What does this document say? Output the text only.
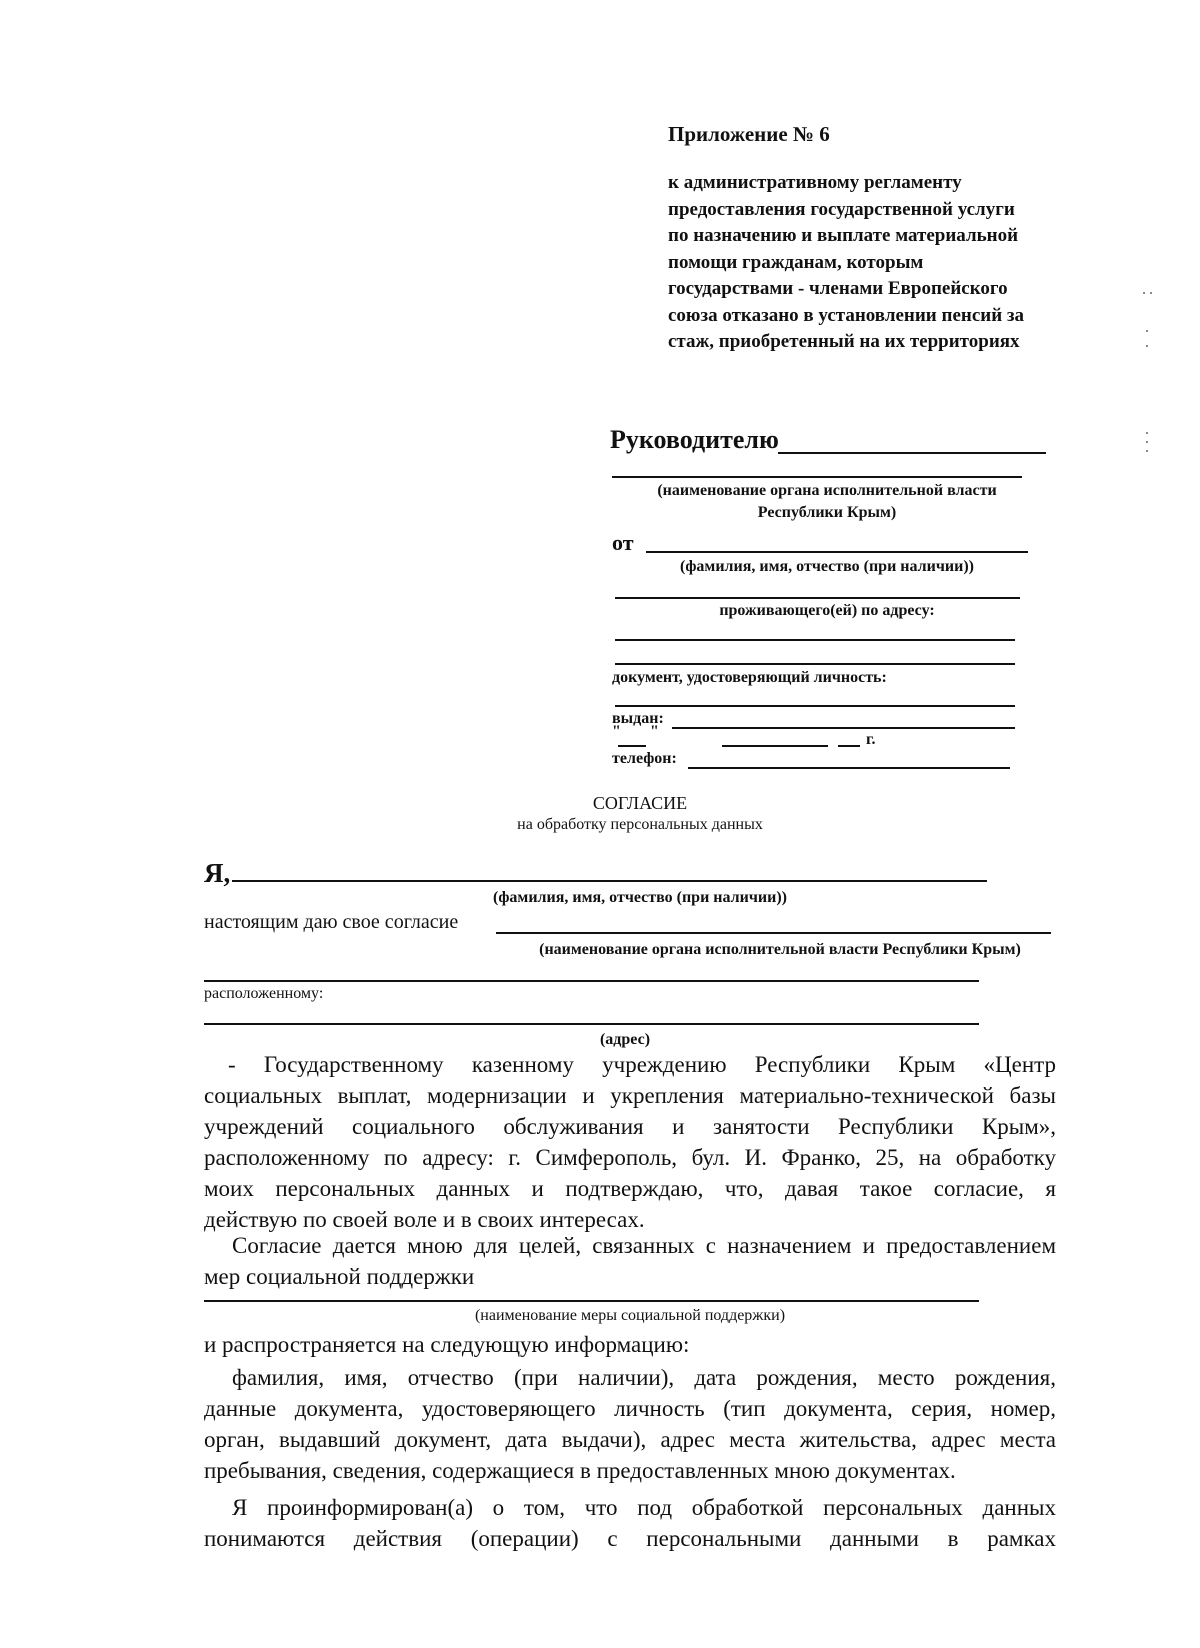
Приложение № 6
к административному регламенту
предоставления государственной услуги
по назначению и выплате материальной
помощи гражданам, которым
государствами - членами Европейского
союза отказано в установлении пенсий за
стаж, приобретенный на их территориях
Руководителю
(наименование органа исполнительной власти
Республики Крым)
от
(фамилия, имя, отчество (при наличии))
проживающего(ей) по адресу:
документ, удостоверяющий личность:
выдан:
" "	г.
телефон:
СОГЛАСИЕ
на обработку персональных данных
Я,
(фамилия, имя, отчество (при наличии))
настоящим даю свое согласие
(наименование органа исполнительной власти Республики Крым)
расположенному:
(адрес)
- Государственному казенному учреждению Республики Крым «Центр
социальных выплат, модернизации и укрепления материально-технической базы
учреждений социального обслуживания и занятости Республики Крым»,
расположенному по адресу: г. Симферополь, бул. И. Франко, 25, на обработку
моих персональных данных и подтверждаю, что, давая такое согласие, я
действую по своей воле и в своих интересах.
Согласие дается мною для целей, связанных с назначением и предоставлением
мер социальной поддержки
(наименование меры социальной поддержки)
и распространяется на следующую информацию:
фамилия, имя, отчество (при наличии), дата рождения, место рождения,
данные документа, удостоверяющего личность (тип документа, серия, номер,
орган, выдавший документ, дата выдачи), адрес места жительства, адрес места
пребывания, сведения, содержащиеся в предоставленных мною документах.
Я проинформирован(а) о том, что под обработкой персональных данных
понимаются действия (операции) с персональными данными в рамках
